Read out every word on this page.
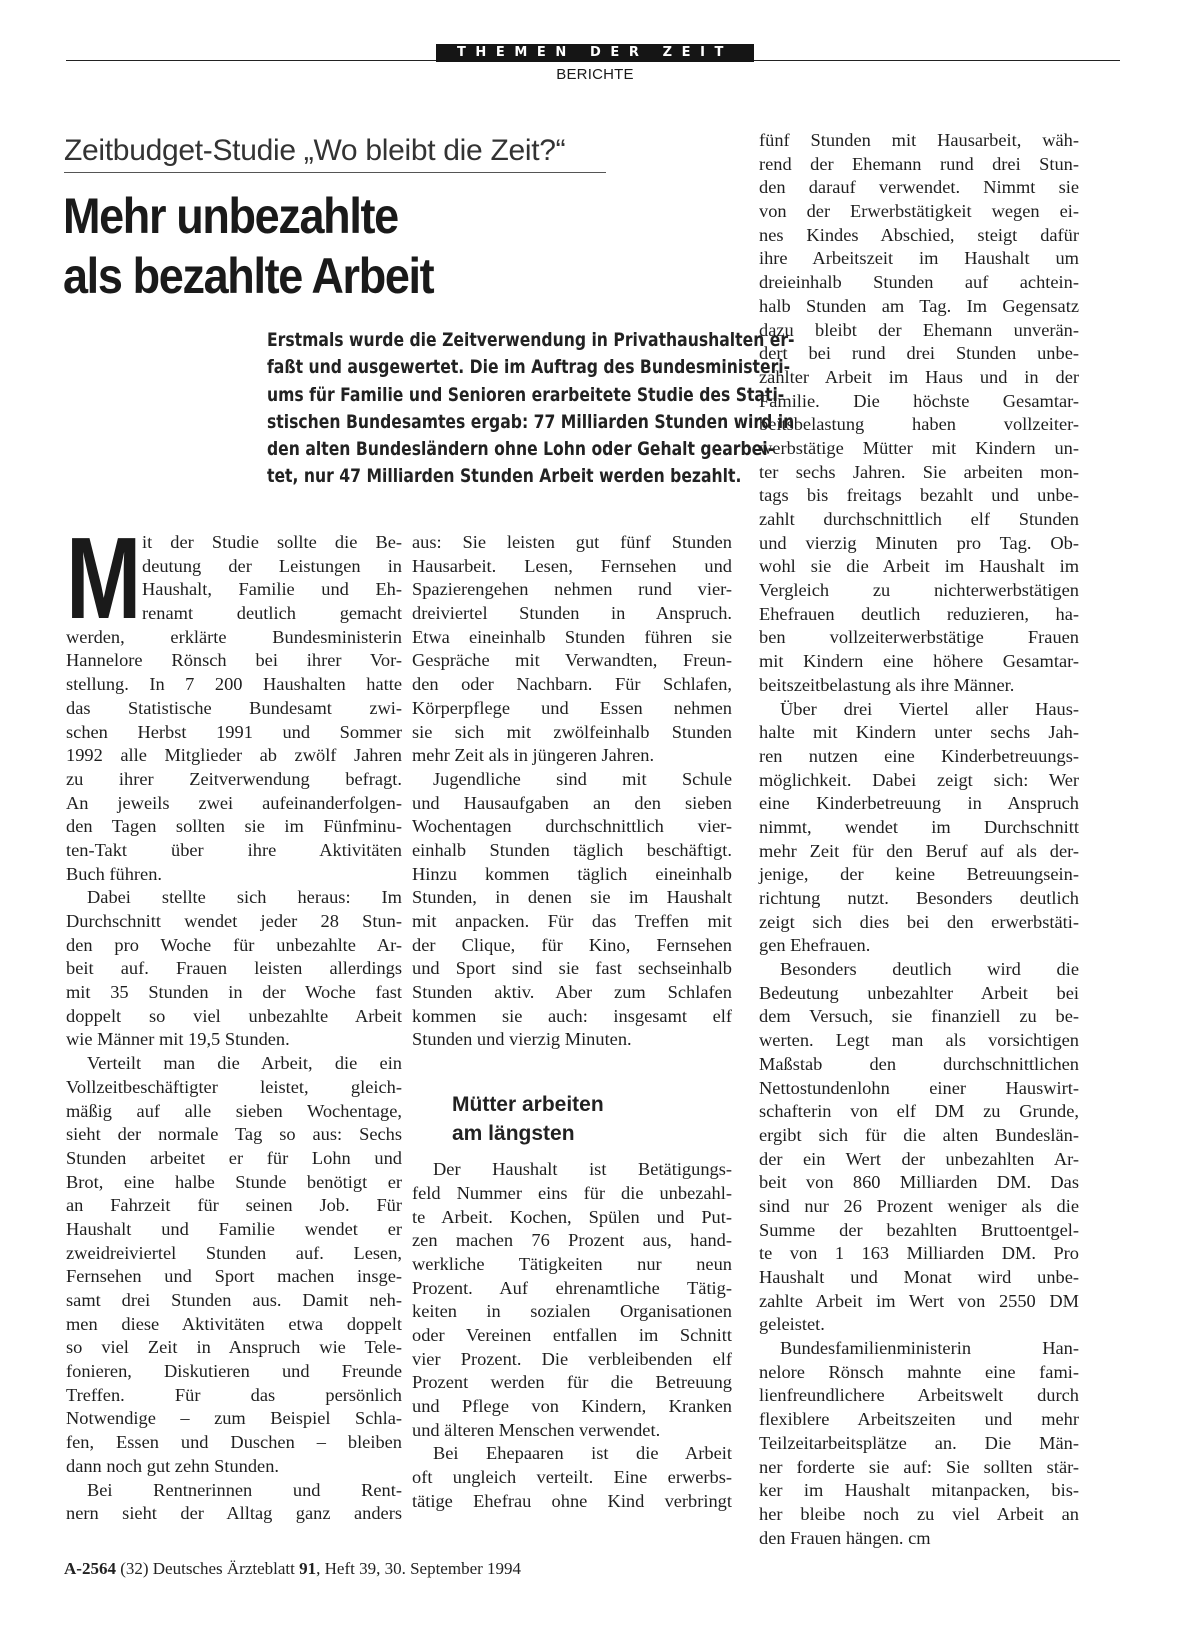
THEMEN DER ZEIT
BERICHTE
Zeitbudget-Studie „Wo bleibt die Zeit?“
Mehr unbezahlte
als bezahlte Arbeit
Erstmals wurde die Zeitverwendung in Privathaushalten er-
faßt und ausgewertet. Die im Auftrag des Bundesministeri-
ums für Familie und Senioren erarbeitete Studie des Stati-
stischen Bundesamtes ergab: 77 Milliarden Stunden wird in
den alten Bundesländern ohne Lohn oder Gehalt gearbei-
tet, nur 47 Milliarden Stunden Arbeit werden bezahlt.
M it der Studie sollte die Be-
deutung der Leistungen in
Haushalt, Familie und Eh-
renamt deutlich gemacht
werden, erklärte Bundesministerin
Hannelore Rönsch bei ihrer Vor-
stellung. In 7 200 Haushalten hatte
das Statistische Bundesamt zwi-
schen Herbst 1991 und Sommer
1992 alle Mitglieder ab zwölf Jahren
zu ihrer Zeitverwendung befragt.
An jeweils zwei aufeinanderfolgen-
den Tagen sollten sie im Fünfminu-
ten-Takt über ihre Aktivitäten
Buch führen.
Dabei stellte sich heraus: Im
Durchschnitt wendet jeder 28 Stun-
den pro Woche für unbezahlte Ar-
beit auf. Frauen leisten allerdings
mit 35 Stunden in der Woche fast
doppelt so viel unbezahlte Arbeit
wie Männer mit 19,5 Stunden.
Verteilt man die Arbeit, die ein
Vollzeitbeschäftigter leistet, gleich-
mäßig auf alle sieben Wochentage,
sieht der normale Tag so aus: Sechs
Stunden arbeitet er für Lohn und
Brot, eine halbe Stunde benötigt er
an Fahrzeit für seinen Job. Für
Haushalt und Familie wendet er
zweidreiviertel Stunden auf. Lesen,
Fernsehen und Sport machen insge-
samt drei Stunden aus. Damit neh-
men diese Aktivitäten etwa doppelt
so viel Zeit in Anspruch wie Tele-
fonieren, Diskutieren und Freunde
Treffen. Für das persönlich
Notwendige – zum Beispiel Schla-
fen, Essen und Duschen – bleiben
dann noch gut zehn Stunden.
Bei Rentnerinnen und Rent-
nern sieht der Alltag ganz anders
aus: Sie leisten gut fünf Stunden
Hausarbeit. Lesen, Fernsehen und
Spazierengehen nehmen rund vier-
dreiviertel Stunden in Anspruch.
Etwa eineinhalb Stunden führen sie
Gespräche mit Verwandten, Freun-
den oder Nachbarn. Für Schlafen,
Körperpflege und Essen nehmen
sie sich mit zwölfeinhalb Stunden
mehr Zeit als in jüngeren Jahren.
Jugendliche sind mit Schule
und Hausaufgaben an den sieben
Wochentagen durchschnittlich vier-
einhalb Stunden täglich beschäftigt.
Hinzu kommen täglich eineinhalb
Stunden, in denen sie im Haushalt
mit anpacken. Für das Treffen mit
der Clique, für Kino, Fernsehen
und Sport sind sie fast sechseinhalb
Stunden aktiv. Aber zum Schlafen
kommen sie auch: insgesamt elf
Stunden und vierzig Minuten.
Der Haushalt ist Betätigungs-
feld Nummer eins für die unbezahl-
te Arbeit. Kochen, Spülen und Put-
zen machen 76 Prozent aus, hand-
werkliche Tätigkeiten nur neun
Prozent. Auf ehrenamtliche Tätig-
keiten in sozialen Organisationen
oder Vereinen entfallen im Schnitt
vier Prozent. Die verbleibenden elf
Prozent werden für die Betreuung
und Pflege von Kindern, Kranken
und älteren Menschen verwendet.
Bei Ehepaaren ist die Arbeit
oft ungleich verteilt. Eine erwerbs-
tätige Ehefrau ohne Kind verbringt
fünf Stunden mit Hausarbeit, wäh-
rend der Ehemann rund drei Stun-
den darauf verwendet. Nimmt sie
von der Erwerbstätigkeit wegen ei-
nes Kindes Abschied, steigt dafür
ihre Arbeitszeit im Haushalt um
dreieinhalb Stunden auf achtein-
halb Stunden am Tag. Im Gegensatz
dazu bleibt der Ehemann unverän-
dert bei rund drei Stunden unbe-
zahlter Arbeit im Haus und in der
Familie. Die höchste Gesamtar-
beitsbelastung haben vollzeiter-
werbstätige Mütter mit Kindern un-
ter sechs Jahren. Sie arbeiten mon-
tags bis freitags bezahlt und unbe-
zahlt durchschnittlich elf Stunden
und vierzig Minuten pro Tag. Ob-
wohl sie die Arbeit im Haushalt im
Vergleich zu nichterwerbstätigen
Ehefrauen deutlich reduzieren, ha-
ben vollzeiterwerbstätige Frauen
mit Kindern eine höhere Gesamtar-
beitszeitbelastung als ihre Männer.
Über drei Viertel aller Haus-
halte mit Kindern unter sechs Jah-
ren nutzen eine Kinderbetreuungs-
möglichkeit. Dabei zeigt sich: Wer
eine Kinderbetreuung in Anspruch
nimmt, wendet im Durchschnitt
mehr Zeit für den Beruf auf als der-
jenige, der keine Betreuungsein-
richtung nutzt. Besonders deutlich
zeigt sich dies bei den erwerbstäti-
gen Ehefrauen.
Besonders deutlich wird die
Bedeutung unbezahlter Arbeit bei
dem Versuch, sie finanziell zu be-
werten. Legt man als vorsichtigen
Maßstab den durchschnittlichen
Nettostundenlohn einer Hauswirt-
schafterin von elf DM zu Grunde,
ergibt sich für die alten Bundeslän-
der ein Wert der unbezahlten Ar-
beit von 860 Milliarden DM. Das
sind nur 26 Prozent weniger als die
Summe der bezahlten Bruttoentgel-
te von 1 163 Milliarden DM. Pro
Haushalt und Monat wird unbe-
zahlte Arbeit im Wert von 2550 DM
geleistet.
Bundesfamilienministerin Han-
nelore Rönsch mahnte eine fami-
lienfreundlichere Arbeitswelt durch
flexiblere Arbeitszeiten und mehr
Teilzeitarbeitsplätze an. Die Män-
ner forderte sie auf: Sie sollten stär-
ker im Haushalt mitanpacken, bis-
her bleibe noch zu viel Arbeit an
den Frauen hängen. cm
Mütter arbeiten
am längsten
A-2564 (32) Deutsches Ärzteblatt 91, Heft 39, 30. September 1994
